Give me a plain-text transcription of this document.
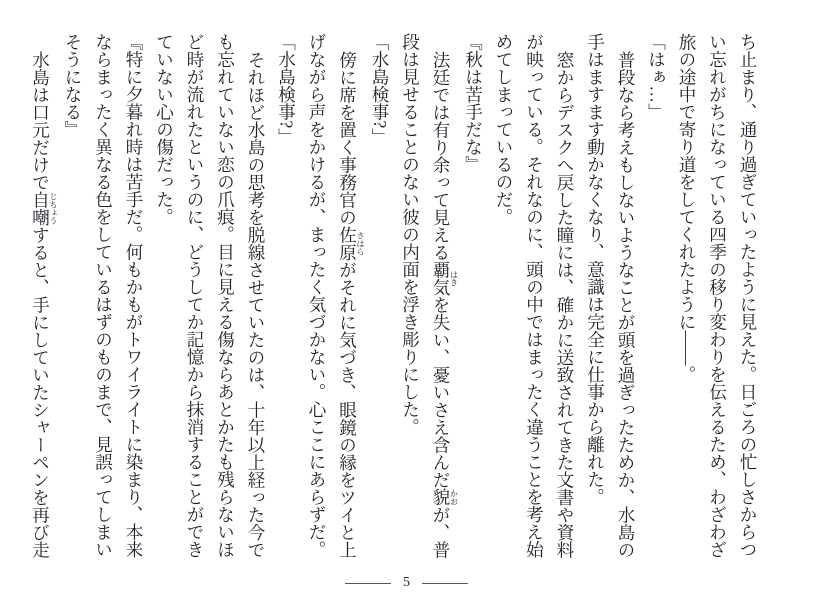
ち止まり、通り過ぎていったように見えた。日ごろの忙しさからつ

い忘れがちになっている四季の移り変わりを伝えるため、わざわざ

旅の途中で寄り道をしてくれたように――。

「はぁ…」

普段なら考えもしないようなことが頭を過ぎったためか、水島の

手はますます動かなくなり、意識は完全に仕事から離れた。

窓からデスクへ戻した瞳には、確かに送致されてきた文書や資料

が映っている。それなのに、頭の中ではまったく違うことを考え始

めてしまっているのだ。

『秋は苦手だな』

法廷では有り余って見える覇気はきを失い、憂いさえ含んだ貌かおが、普

段は見せることのない彼の内面を浮き彫りにした。

「水島検事?」

傍に席を置く事務官の佐原さはらがそれに気づき、眼鏡の縁をツイと上

げながら声をかけるが、まったく気づかない。心ここにあらずだ。

「水島検事?」

それほど水島の思考を脱線させていたのは、十年以上経った今で

も忘れていない恋の爪痕。目に見える傷ならあとかたも残らないほ

ど時が流れたというのに、どうしてか記憶から抹消することができ

ていない心の傷だった。

『特に夕暮れ時は苦手だ。何もかもがトワイライトに染まり、本来

ならまったく異なる色をしているはずのものまで、見誤ってしまい

そうになる』

水島は口元だけで自嘲じちょうすると、手にしていたシャーペンを再び走

5
